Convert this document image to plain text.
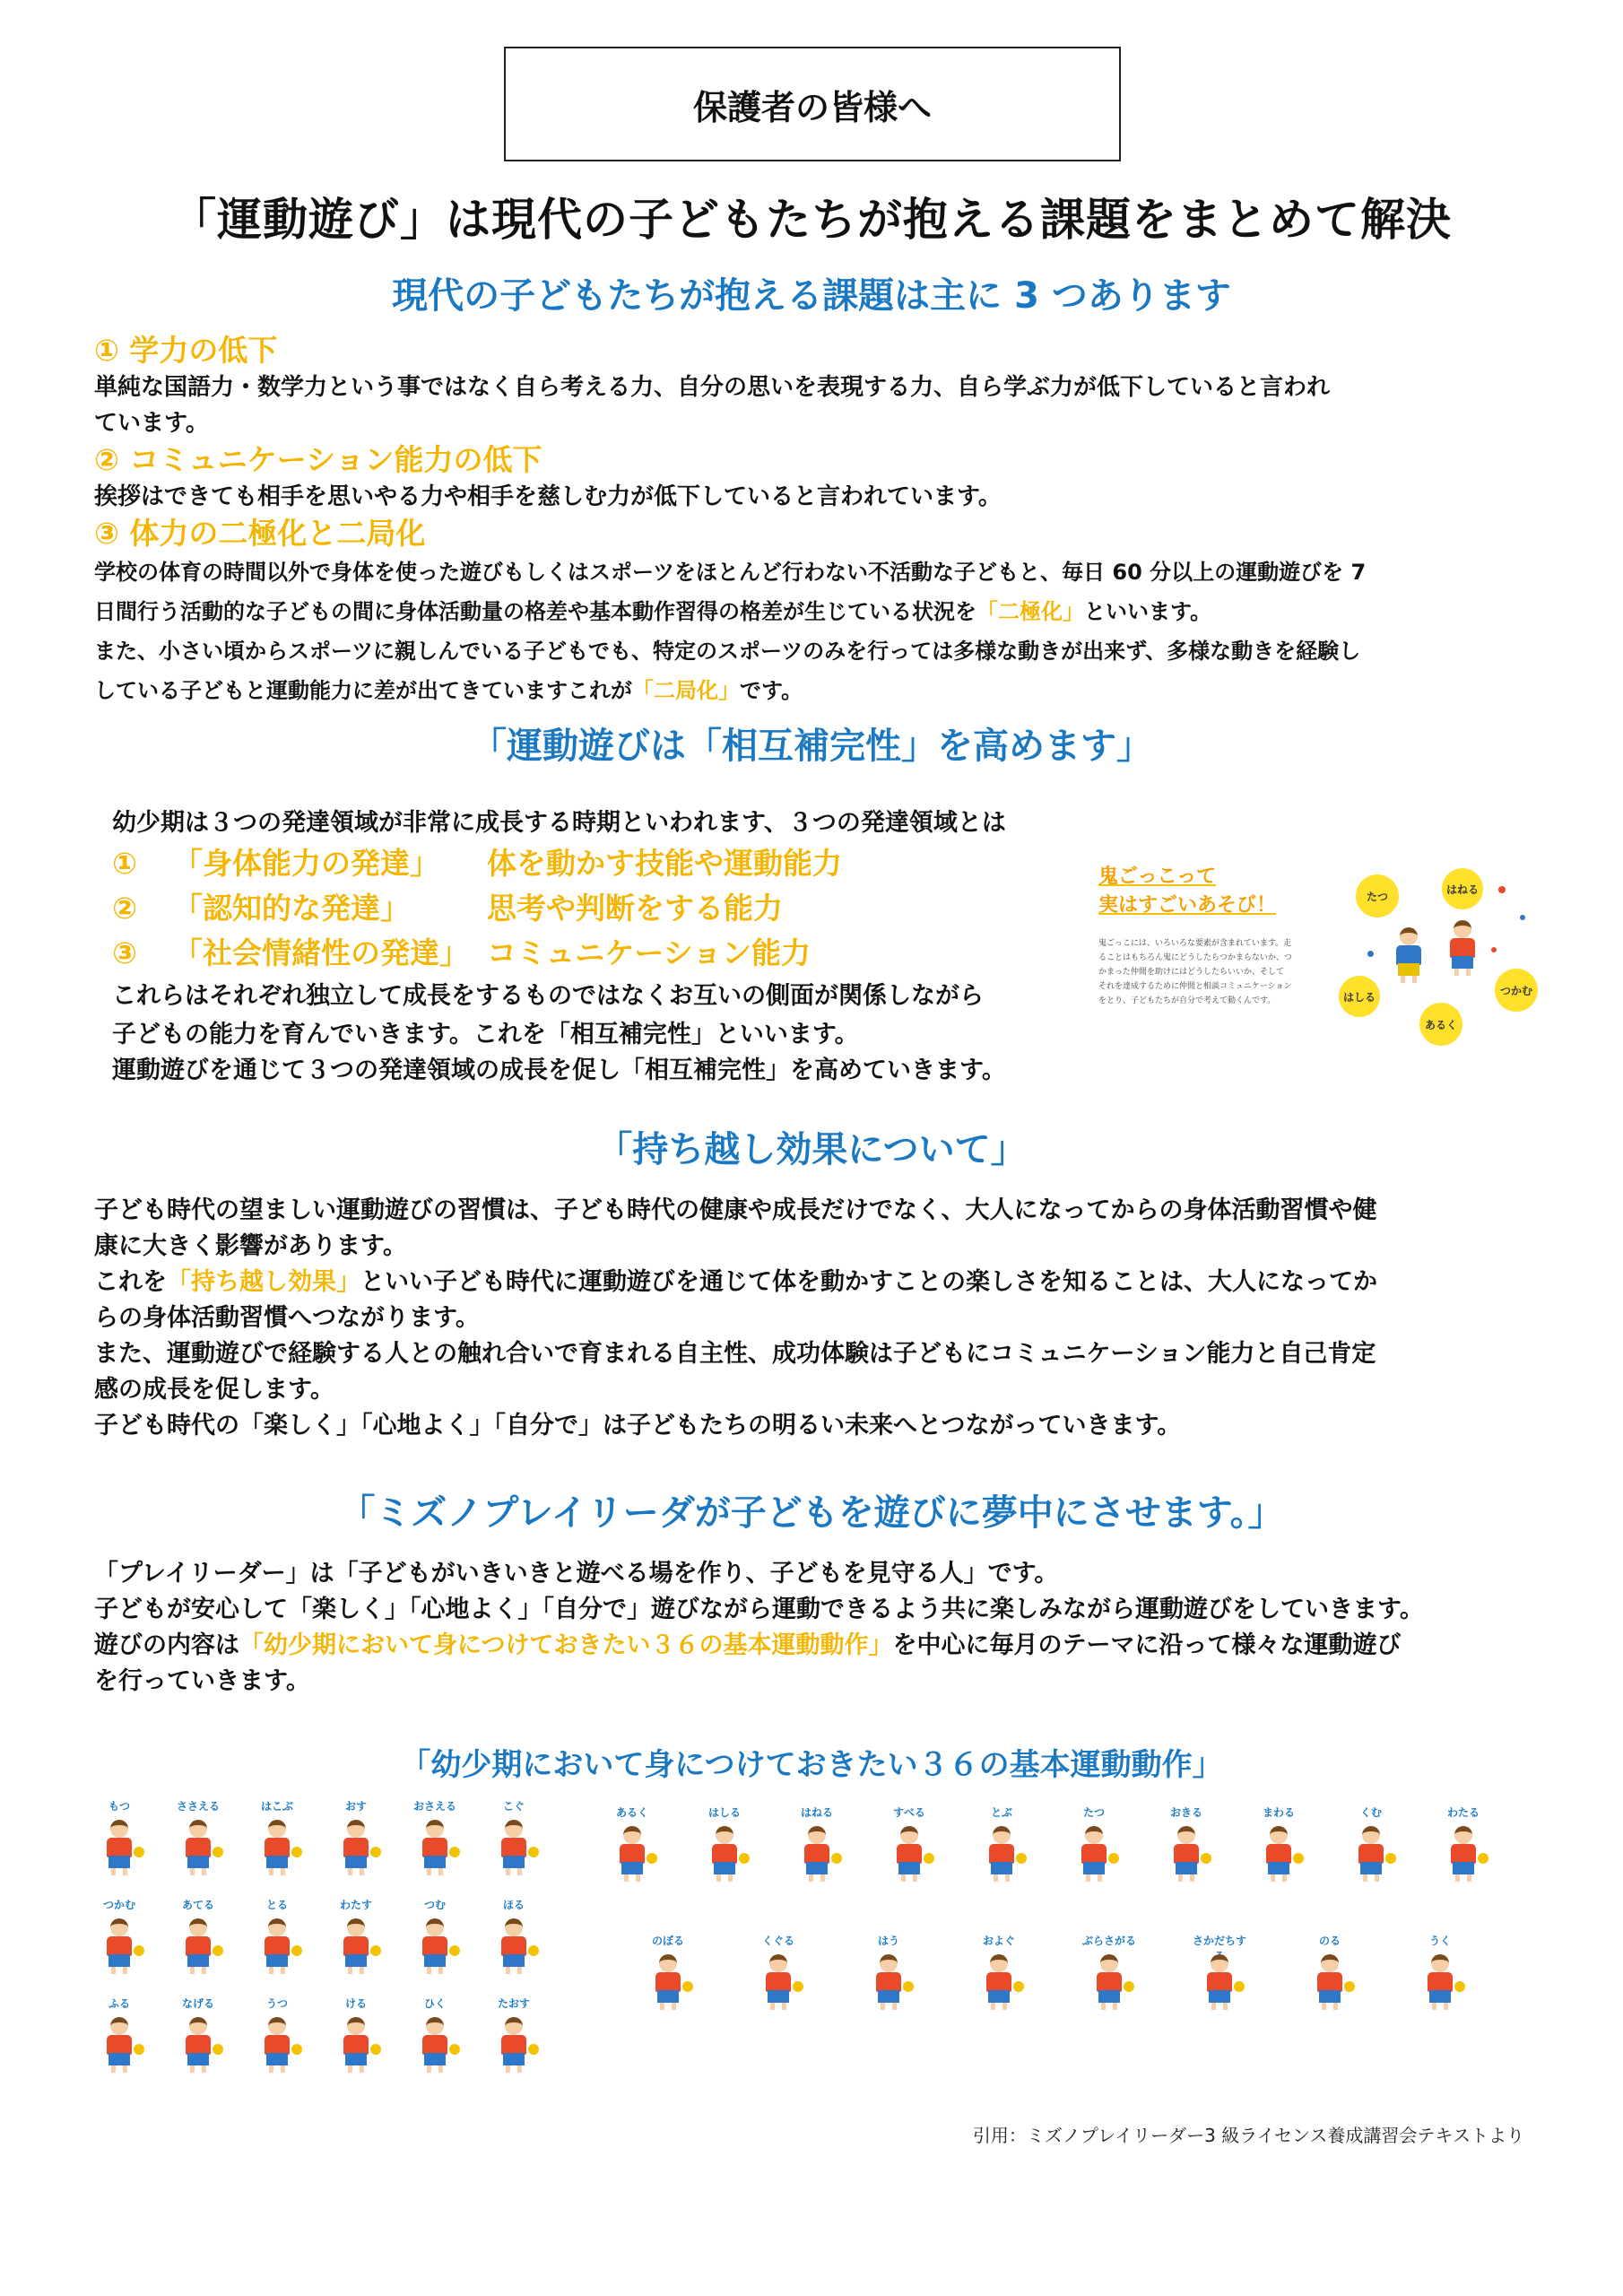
保護者の皆様へ
「運動遊び」は現代の子どもたちが抱える課題をまとめて解決
現代の子どもたちが抱える課題は主に 3 つあります
① 学力の低下
単純な国語力・数学力という事ではなく自ら考える力、自分の思いを表現する力、自ら学ぶ力が低下していると言われ
ています。
② コミュニケーション能力の低下
挨拶はできても相手を思いやる力や相手を慈しむ力が低下していると言われています。
③ 体力の二極化と二局化
学校の体育の時間以外で身体を使った遊びもしくはスポーツをほとんど行わない不活動な子どもと、毎日 60 分以上の運動遊びを 7
日間行う活動的な子どもの間に身体活動量の格差や基本動作習得の格差が生じている状況を「二極化」といいます。
また、小さい頃からスポーツに親しんでいる子どもでも、特定のスポーツのみを行っては多様な動きが出来ず、多様な動きを経験し
している子どもと運動能力に差が出てきていますこれが「二局化」です。
「運動遊びは「相互補完性」を高めます」
幼少期は３つの発達領域が非常に成長する時期といわれます、３つの発達領域とは
① 「身体能力の発達」 体を動かす技能や運動能力
② 「認知的な発達」	思考や判断をする能力
③ 「社会情緒性の発達」 コミュニケーション能力
これらはそれぞれ独立して成長をするものではなくお互いの側面が関係しながら
子どもの能力を育んでいきます。これを「相互補完性」といいます。
運動遊びを通じて３つの発達領域の成長を促し「相互補完性」を高めていきます。
鬼ごっこって
実はすごいあそび！
鬼ごっこには、いろいろな要素が含まれています。走
ることはもちろん鬼にどうしたらつかまらないか、つ
かまった仲間を助けにはどうしたらいいか、そして
それを達成するために仲間と相談コミュニケーション
をとり、子どもたちが自分で考えて動くんです。
たつ
はねる
はしる
あるく
つかむ
「持ち越し効果について」
子ども時代の望ましい運動遊びの習慣は、子ども時代の健康や成長だけでなく、大人になってからの身体活動習慣や健
康に大きく影響があります。
これを「持ち越し効果」といい子ども時代に運動遊びを通じて体を動かすことの楽しさを知ることは、大人になってか
らの身体活動習慣へつながります。
また、運動遊びで経験する人との触れ合いで育まれる自主性、成功体験は子どもにコミュニケーション能力と自己肯定
感の成長を促します。
子ども時代の「楽しく」「心地よく」「自分で」は子どもたちの明るい未来へとつながっていきます。
「ミズノプレイリーダが子どもを遊びに夢中にさせます。」
「プレイリーダー」は「子どもがいきいきと遊べる場を作り、子どもを見守る人」です。
子どもが安心して「楽しく」「心地よく」「自分で」遊びながら運動できるよう共に楽しみながら運動遊びをしていきます。
遊びの内容は「幼少期において身につけておきたい３６の基本運動動作」を中心に毎月のテーマに沿って様々な運動遊び
を行っていきます。
「幼少期において身につけておきたい３６の基本運動動作」
もつ	ささえる	はこぶ	おす	おさえる	こぐ
つかむ	あてる	とる	わたす	つむ	ほる
ふる	なげる	うつ	ける	ひく	たおす
あるく	はしる	はねる	すべる	とぶ	たつ	おきる	まわる	くむ	わたる
のぼる	くぐる	はう	およぐ	ぶらさがる	さかだちす	のる	うく
引用：ミズノプレイリーダー3 級ライセンス養成講習会テキストより
